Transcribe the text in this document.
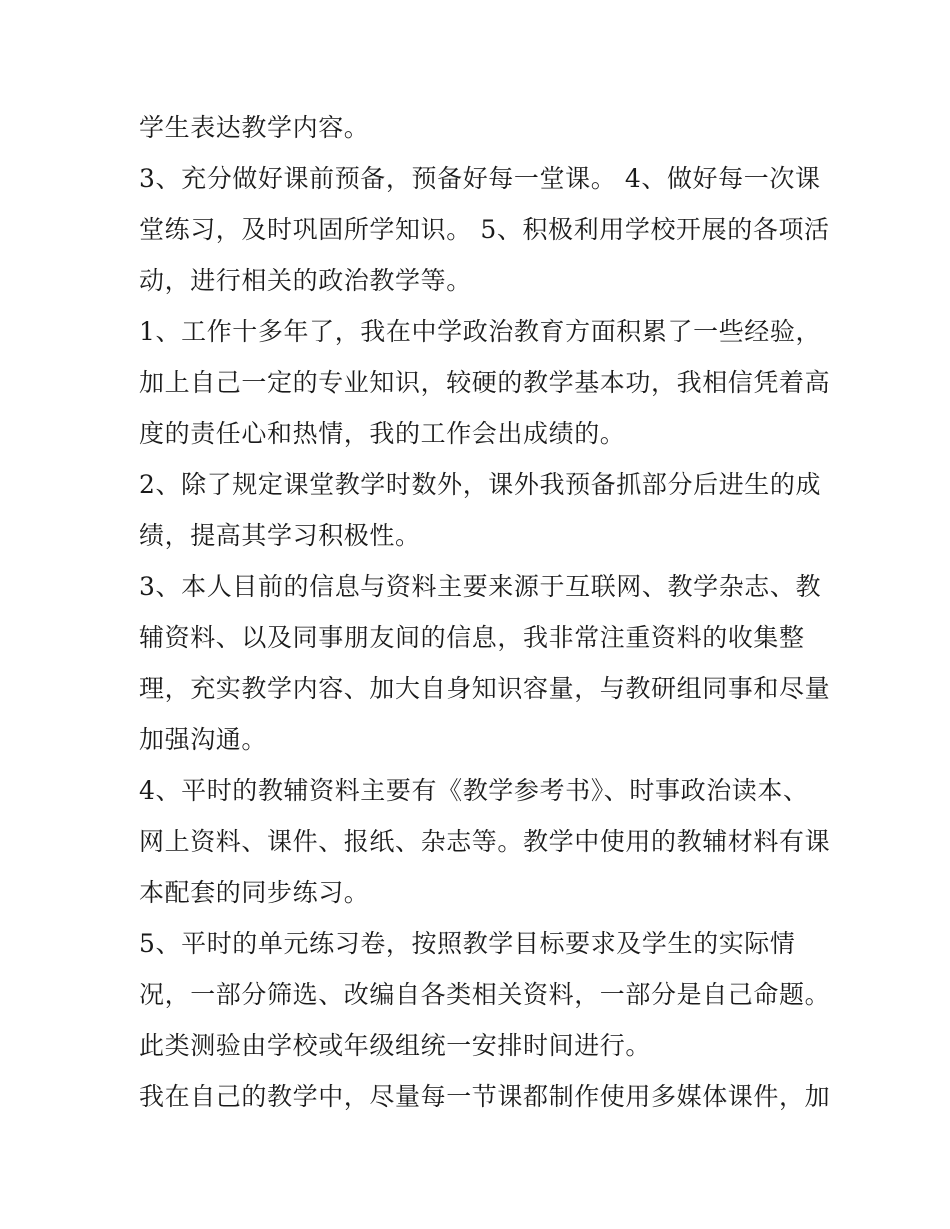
学生表达教学内容。

3、充分做好课前预备，预备好每一堂课。 4、做好每一次课

堂练习，及时巩固所学知识。 5、积极利用学校开展的各项活

动，进行相关的政治教学等。

1、工作十多年了，我在中学政治教育方面积累了一些经验，

加上自己一定的专业知识，较硬的教学基本功，我相信凭着高

度的责任心和热情，我的工作会出成绩的。

2、除了规定课堂教学时数外，课外我预备抓部分后进生的成

绩，提高其学习积极性。

3、本人目前的信息与资料主要来源于互联网、教学杂志、教

辅资料、以及同事朋友间的信息，我非常注重资料的收集整

理，充实教学内容、加大自身知识容量，与教研组同事和尽量

加强沟通。

4、平时的教辅资料主要有《教学参考书》、时事政治读本、

网上资料、课件、报纸、杂志等。教学中使用的教辅材料有课

本配套的同步练习。

5、平时的单元练习卷，按照教学目标要求及学生的实际情

况，一部分筛选、改编自各类相关资料，一部分是自己命题。

此类测验由学校或年级组统一安排时间进行。

我在自己的教学中，尽量每一节课都制作使用多媒体课件，加
